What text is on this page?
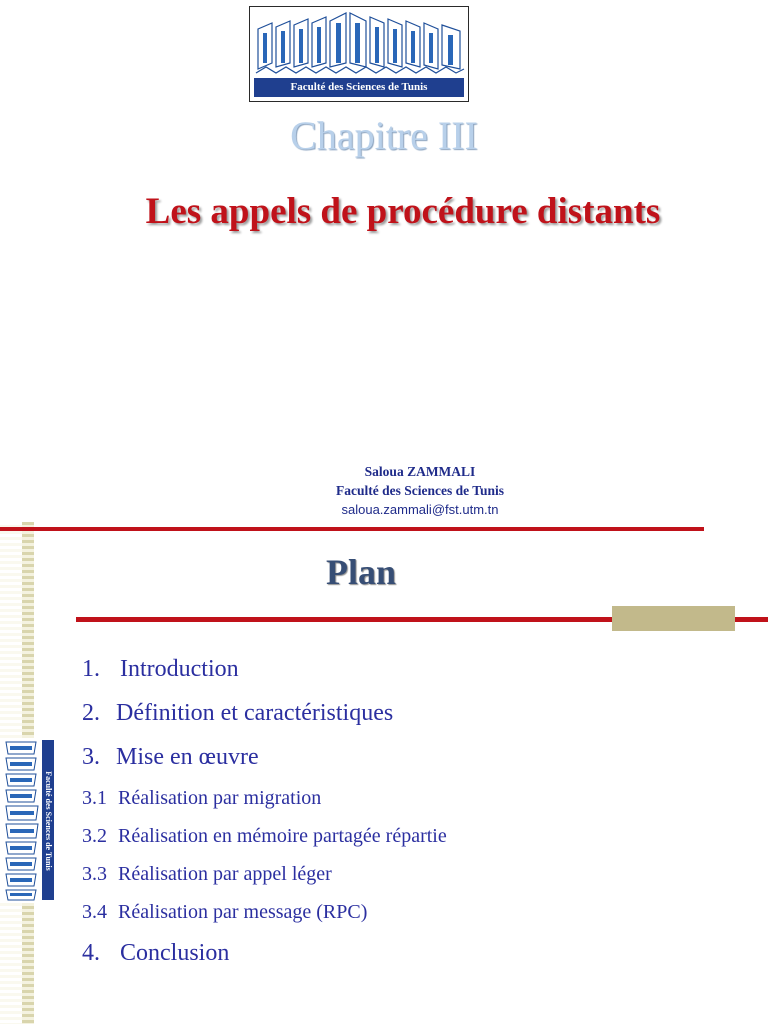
Faculté des Sciences de Tunis
Chapitre III
Les appels de procédure distants
Saloua ZAMMALI
Faculté des Sciences de Tunis
saloua.zammali@fst.utm.tn
Plan
Faculté des Sciences de Tunis
1. Introduction
2. Définition et caractéristiques
3. Mise en œuvre
3.1 Réalisation par migration
3.2 Réalisation en mémoire partagée répartie
3.3 Réalisation par appel léger
3.4 Réalisation par message (RPC)
4. Conclusion
